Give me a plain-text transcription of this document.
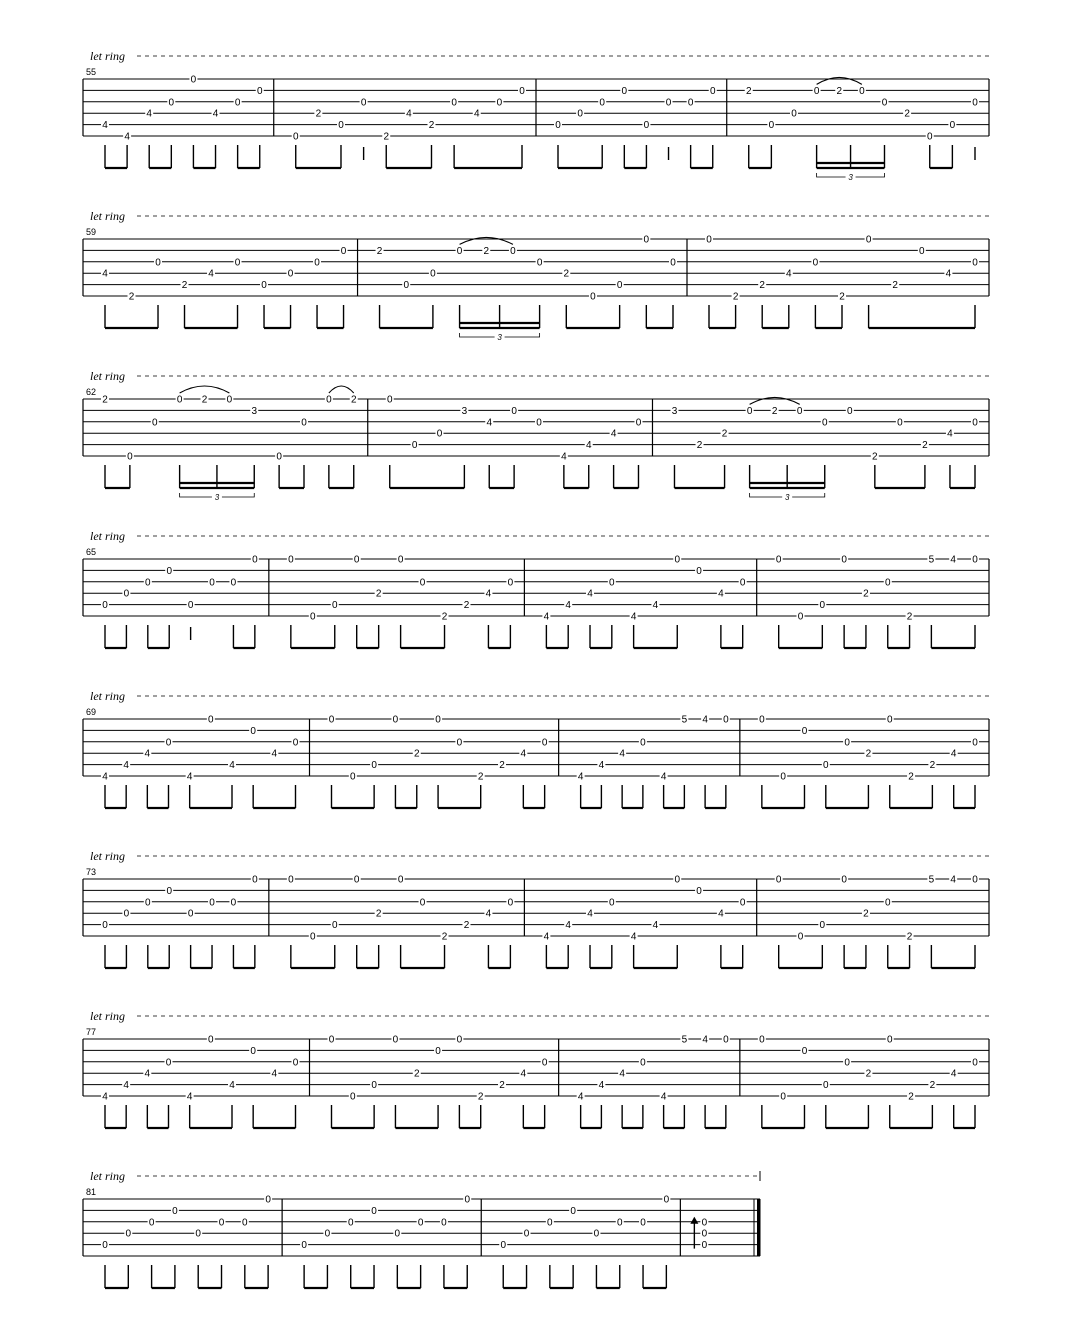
let ring
55
4
4
4
0
0
4
0
0
0
2
0
0
2
4
2
0
4
0
0
0
0
0
0
0
0 0
0	2
0
0
0 2 0
0
2
0
0
0
3
let ring
59
4
2
0
2
4
0
0
0
0
0	2
0
0
0 2 0
0
2
0
0
0
0
3
0
2
2
4
0
2
0
2
0
4
0
let ring
62
2
0
0
0 2 0
3
0
0
0 2
3
0
0
0
3
4
0
0
4
4
4
0
3
2
2
0 2 0
0
0
2
0
2
4
0
3
let ring
65
0
0
0
0
0
0 0
0	0
0
0
0
2
0
0
2
2
4
0
4
4
4
0
4
4
0
0
4
0
0
0
0
0
2
0
2
5 4 0
let ring
69
4
4
4
0
4
0
4
0
4
0
0
0
0
0
2
0
0
2
2
4
0
4
4
4
0
4
5 4 0	0
0
0
0
0
2
0
2
2
4
0
let ring
73
0
0
0
0
0
0 0
0	0
0
0
0
2
0
0
2
2
4
0
4
4
4
0
4
4
0
0
4
0
0
0
0
0
2
0
2
5 4 0
let ring
77
4
4
4
0
4
0
4
0
4
0
0
0
0
0
2
0
0
2
2
4
0
4
4
4
0
4
5 4 0	0
0
0
0
0
2
0
2
2
4
0
let ring
81
0
0
0
0
0
0 0
0
0
0
0
0
0
0 0
0
0
0
0
0
0
0 0
0
0
0
0
